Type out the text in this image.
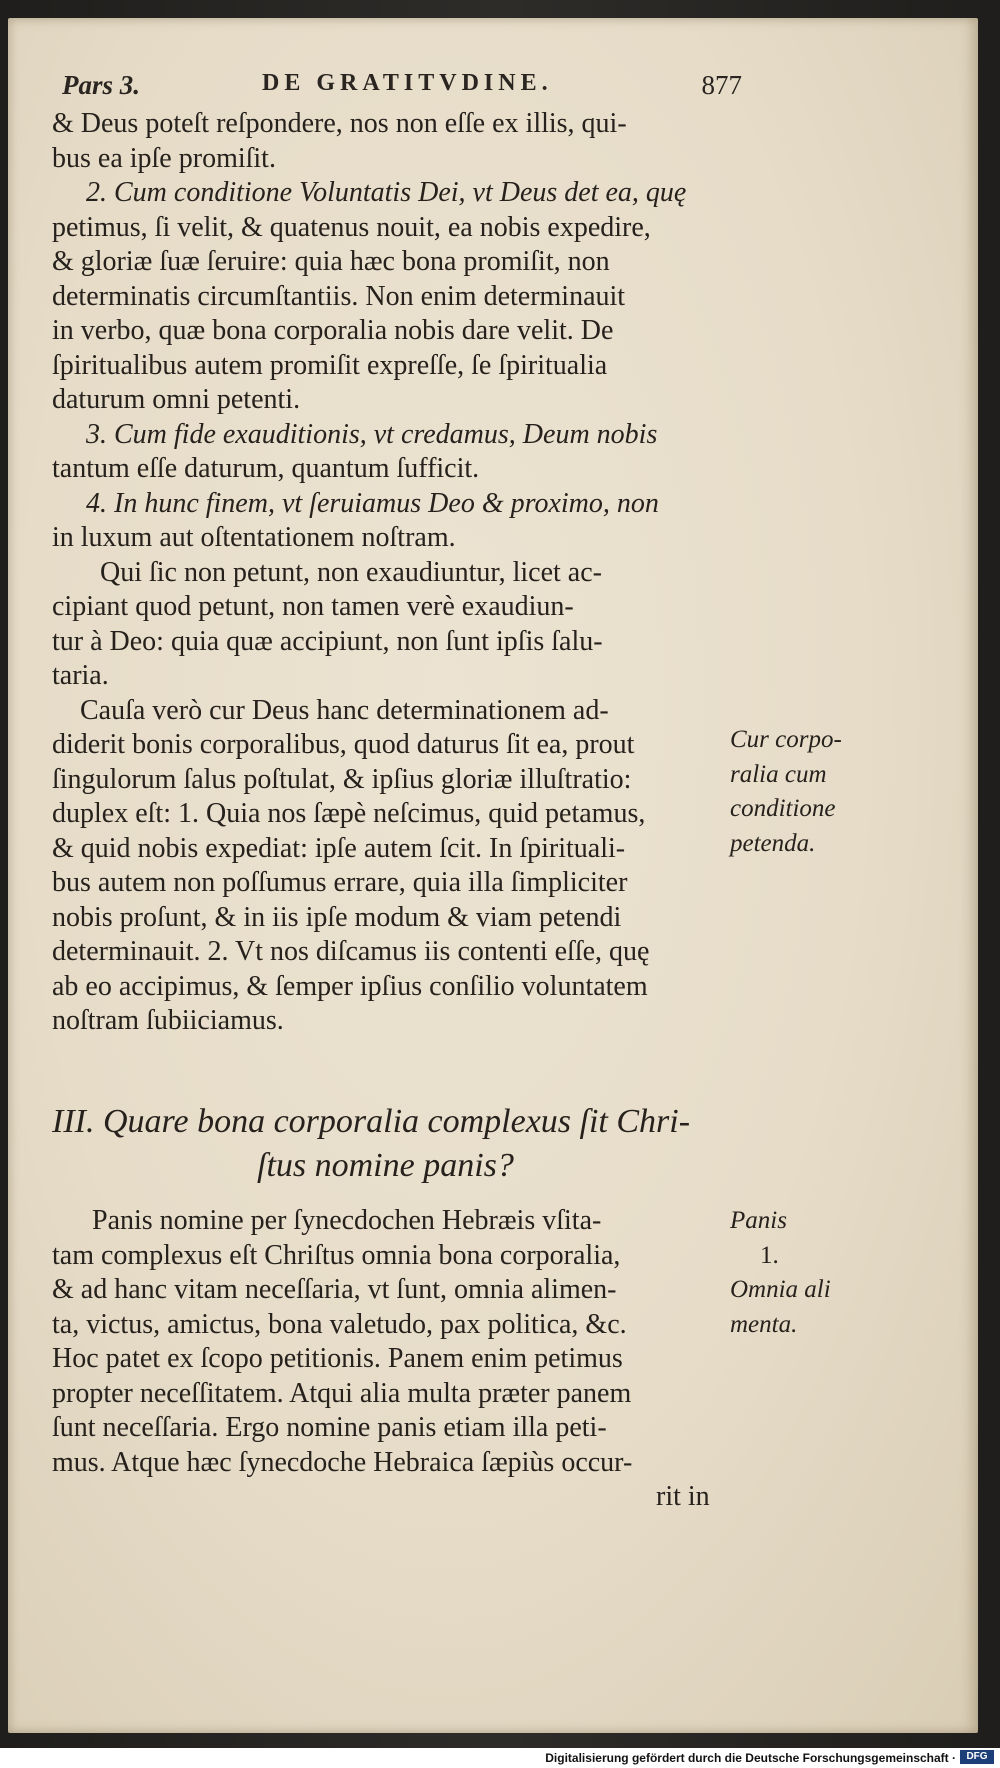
Pars 3.	DE GRATITVDINE.	877
& Deus poteſt reſpondere, nos non eſſe ex illis, qui-
bus ea ipſe promiſit.
2. Cum conditione Voluntatis Dei, vt Deus det ea, quę
petimus, ſi velit, & quatenus nouit, ea nobis expedire,
& gloriæ ſuæ ſeruire: quia hæc bona promiſit, non
determinatis circumſtantiis. Non enim determinauit
in verbo, quæ bona corporalia nobis dare velit. De
ſpiritualibus autem promiſit expreſſe, ſe ſpiritualia
daturum omni petenti.
3. Cum fide exauditionis, vt credamus, Deum nobis
tantum eſſe daturum, quantum ſufficit.
4. In hunc finem, vt ſeruiamus Deo & proximo, non
in luxum aut oſtentationem noſtram.
Qui ſic non petunt, non exaudiuntur, licet ac-
cipiant quod petunt, non tamen verè exaudiun-
tur à Deo: quia quæ accipiunt, non ſunt ipſis ſalu-
taria.
Cauſa verò cur Deus hanc determinationem ad-
diderit bonis corporalibus, quod daturus ſit ea, prout
ſingulorum ſalus poſtulat, & ipſius gloriæ illuſtratio:
duplex eſt: 1. Quia nos ſæpè neſcimus, quid petamus,
& quid nobis expediat: ipſe autem ſcit. In ſpirituali-
bus autem non poſſumus errare, quia illa ſimpliciter
nobis proſunt, & in iis ipſe modum & viam petendi
determinauit. 2. Vt nos diſcamus iis contenti eſſe, quę
ab eo accipimus, & ſemper ipſius conſilio voluntatem
noſtram ſubiiciamus.
Cur corpo-
ralia cum
conditione
petenda.
III. Quare bona corporalia complexus ſit Chri-
ſtus nomine panis?
Panis nomine per ſynecdochen Hebræis vſita-
tam complexus eſt Chriſtus omnia bona corporalia,
& ad hanc vitam neceſſaria, vt ſunt, omnia alimen-
ta, victus, amictus, bona valetudo, pax politica, &c.
Hoc patet ex ſcopo petitionis. Panem enim petimus
propter neceſſitatem. Atqui alia multa præter panem
ſunt neceſſaria. Ergo nomine panis etiam illa peti-
mus. Atque hæc ſynecdoche Hebraica ſæpiùs occur-
rit in
Panis
1.
Omnia ali
menta.
Digitalisierung gefördert durch die Deutsche Forschungsgemeinschaft ·	DFG
